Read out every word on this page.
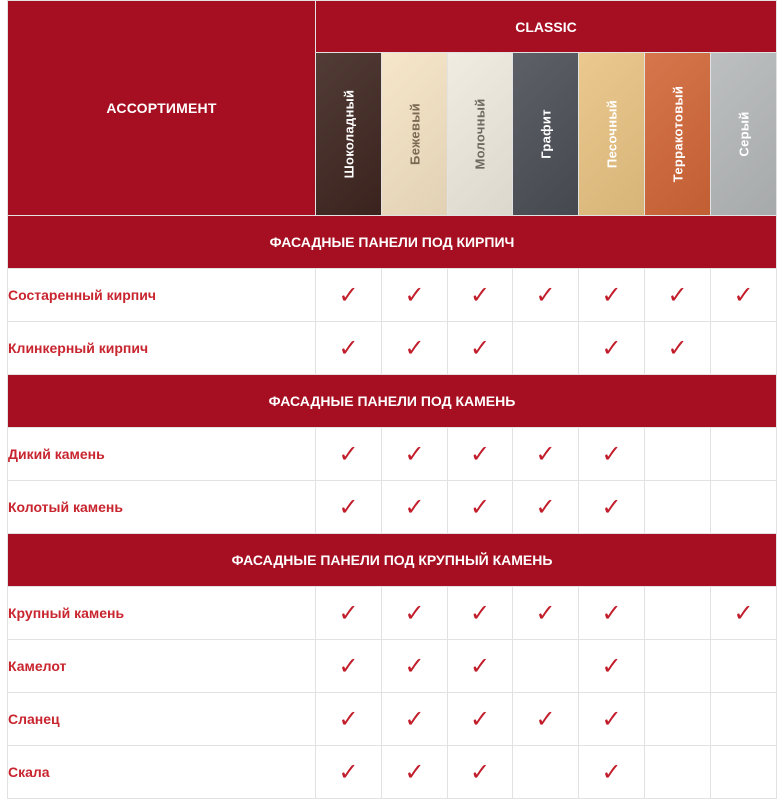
АССОРТИМЕНТ	CLASSIC						

	Шоколадный	Бежевый	Молочный	Графит	Песочный	Терракотовый	Серый

ФАСАДНЫЕ ПАНЕЛИ ПОД КИРПИЧ							
Состаренный кирпич	✓	✓	✓	✓	✓	✓	✓
Клинкерный кирпич	✓	✓	✓		✓	✓	
ФАСАДНЫЕ ПАНЕЛИ ПОД КАМЕНЬ							
Дикий камень	✓	✓	✓	✓	✓		
Колотый камень	✓	✓	✓	✓	✓		
ФАСАДНЫЕ ПАНЕЛИ ПОД КРУПНЫЙ КАМЕНЬ							
Крупный камень	✓	✓	✓	✓	✓		✓
Камелот	✓	✓	✓		✓		
Сланец	✓	✓	✓	✓	✓		
Скала	✓	✓	✓		✓		
